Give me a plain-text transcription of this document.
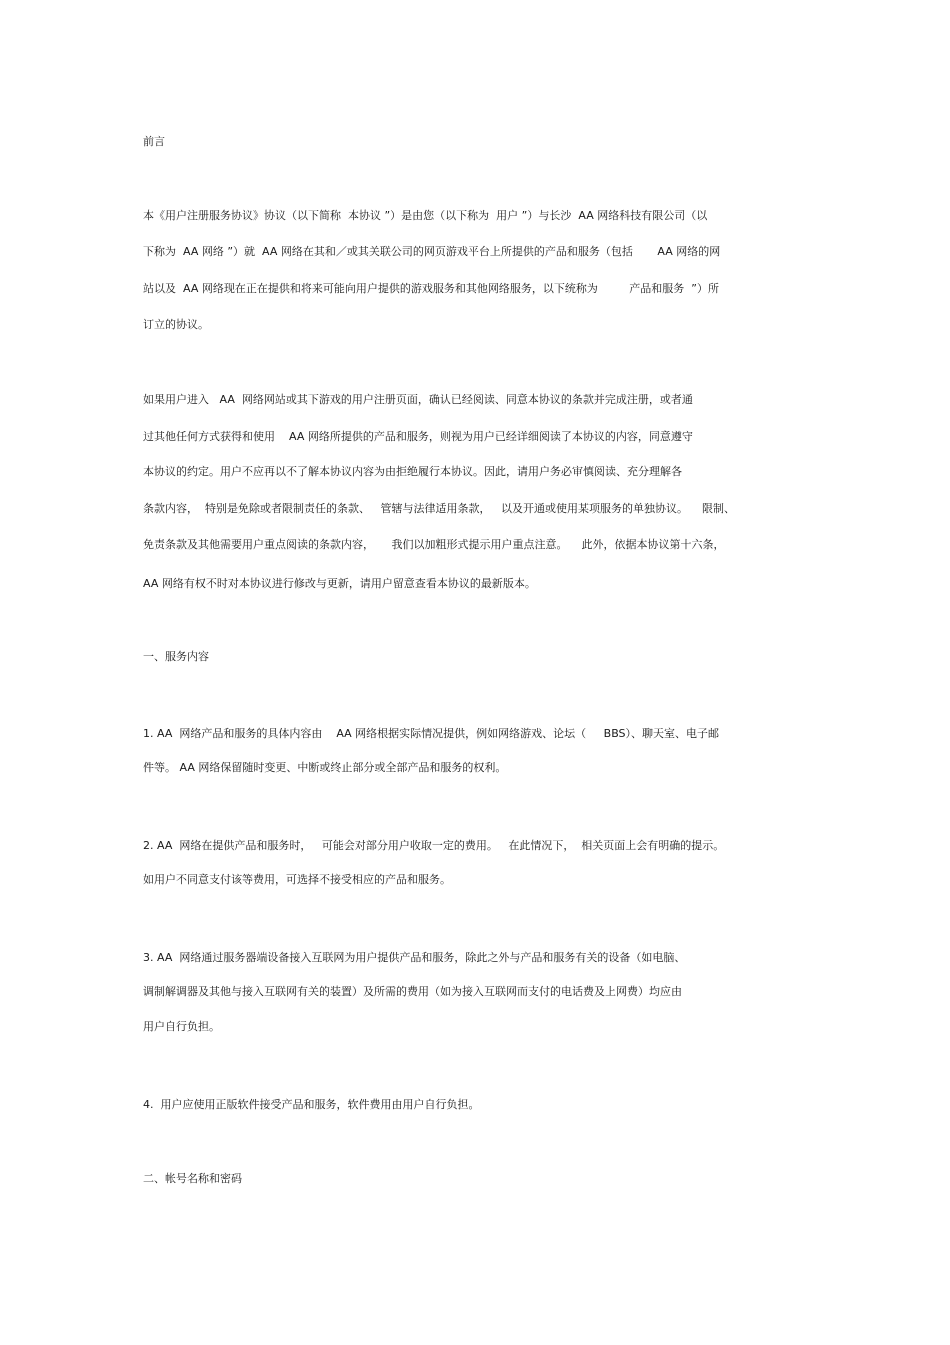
前言
本《用户注册服务协议》协议（以下简称  本协议 ”）是由您（以下称为  用户 ”）与长沙  AA 网络科技有限公司（以
下称为  AA 网络 ”）就  AA 网络在其和／或其关联公司的网页游戏平台上所提供的产品和服务（包括       AA 网络的网
站以及  AA 网络现在正在提供和将来可能向用户提供的游戏服务和其他网络服务，以下统称为         产品和服务  ”）所
订立的协议。
如果用户进入   AA  网络网站或其下游戏的用户注册页面，确认已经阅读、同意本协议的条款并完成注册，或者通
过其他任何方式获得和使用    AA 网络所提供的产品和服务，则视为用户已经详细阅读了本协议的内容，同意遵守
本协议的约定。用户不应再以不了解本协议内容为由拒绝履行本协议。因此，请用户务必审慎阅读、充分理解各
条款内容，  特别是免除或者限制责任的条款、   管辖与法律适用条款，   以及开通或使用某项服务的单独协议。    限制、
免责条款及其他需要用户重点阅读的条款内容，     我们以加粗形式提示用户重点注意。    此外，依据本协议第十六条，
AA 网络有权不时对本协议进行修改与更新，请用户留意查看本协议的最新版本。
一、服务内容
1. AA  网络产品和服务的具体内容由    AA 网络根据实际情况提供，例如网络游戏、论坛（     BBS）、聊天室、电子邮
件等。 AA 网络保留随时变更、中断或终止部分或全部产品和服务的权利。
2. AA  网络在提供产品和服务时，   可能会对部分用户收取一定的费用。   在此情况下，  相关页面上会有明确的提示。
如用户不同意支付该等费用，可选择不接受相应的产品和服务。
3. AA  网络通过服务器端设备接入互联网为用户提供产品和服务，除此之外与产品和服务有关的设备（如电脑、
调制解调器及其他与接入互联网有关的装置）及所需的费用（如为接入互联网而支付的电话费及上网费）均应由
用户自行负担。
4.  用户应使用正版软件接受产品和服务，软件费用由用户自行负担。
二、帐号名称和密码
